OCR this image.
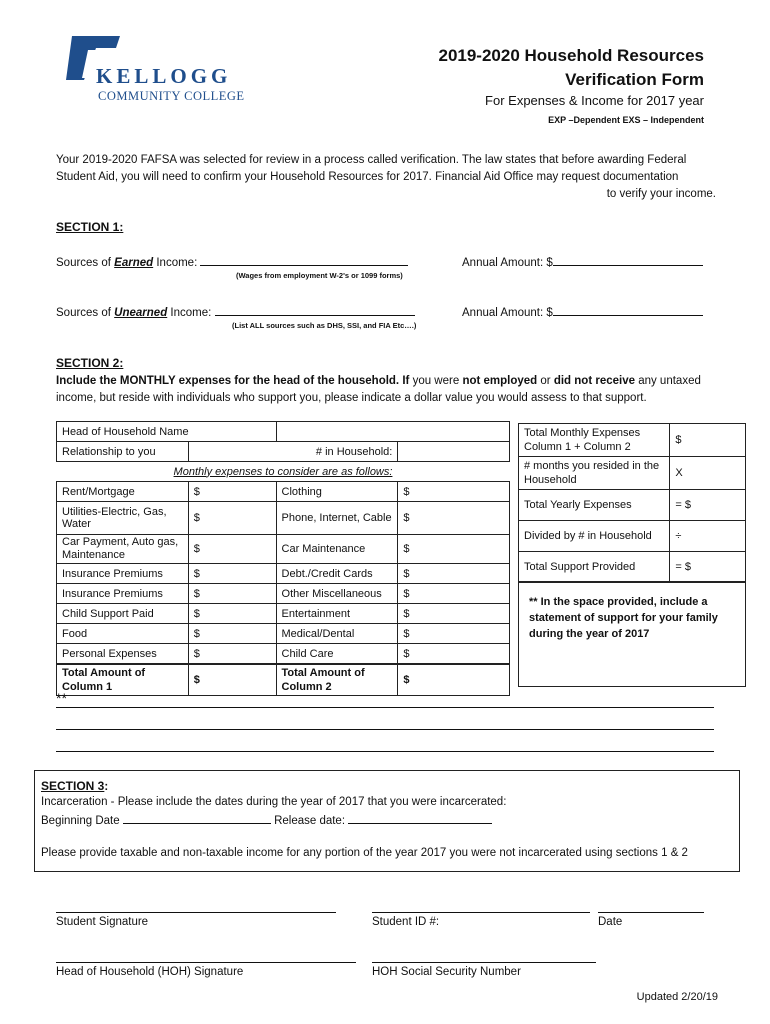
KELLOGG
COMMUNITY COLLEGE
2019-2020 Household Resources
Verification Form
For Expenses & Income for 2017 year
EXP –Dependent EXS – Independent

Your 2019-2020 FAFSA was selected for review in a process called verification. The law states that before awarding Federal

Student Aid, you will need to confirm your Household Resources for 2017. Financial Aid Office may request documentation

to verify your income.

SECTION 1:
Sources of Earned Income:
(Wages from employment W-2's or 1099 forms)
Annual Amount: $
Sources of Unearned Income:
(List ALL sources such as DHS, SSI, and FIA Etc….)
Annual Amount: $
SECTION 2:
Include the MONTHLY expenses for the head of the household. If you were not employed or did not receive any untaxed
income, but reside with individuals who support you, please indicate a dollar value you would assess to that support.
Head of Household Name			
Relationship to you	# in Household:		
Monthly expenses to consider are as follows:			
Rent/Mortgage	$	Clothing	$
Utilities-Electric, Gas, Water	$	Phone, Internet, Cable	$
Car Payment, Auto gas, Maintenance	$	Car Maintenance	$
Insurance Premiums	$	Debt./Credit Cards	$
Insurance Premiums	$	Other Miscellaneous	$
Child Support Paid	$	Entertainment	$
Food	$	Medical/Dental	$
Personal Expenses	$	Child Care	$
Total Amount of Column 1	$	Total Amount of Column 2	$
Total Monthly Expenses Column 1 + Column 2	$
# months you resided in the Household	X
Total Yearly Expenses	= $
Divided by # in Household	÷
Total Support Provided	= $
** In the space provided, include a statement of support for your family during the year of 2017
**
SECTION 3:
Incarceration - Please include the dates during the year of 2017 that you were incarcerated:
Beginning Date	Release date:
Please provide taxable and non-taxable income for any portion of the year 2017 you were not incarcerated using sections 1 & 2
Student Signature	Student ID #:	Date
Head of Household (HOH) Signature	HOH Social Security Number
Updated 2/20/19
